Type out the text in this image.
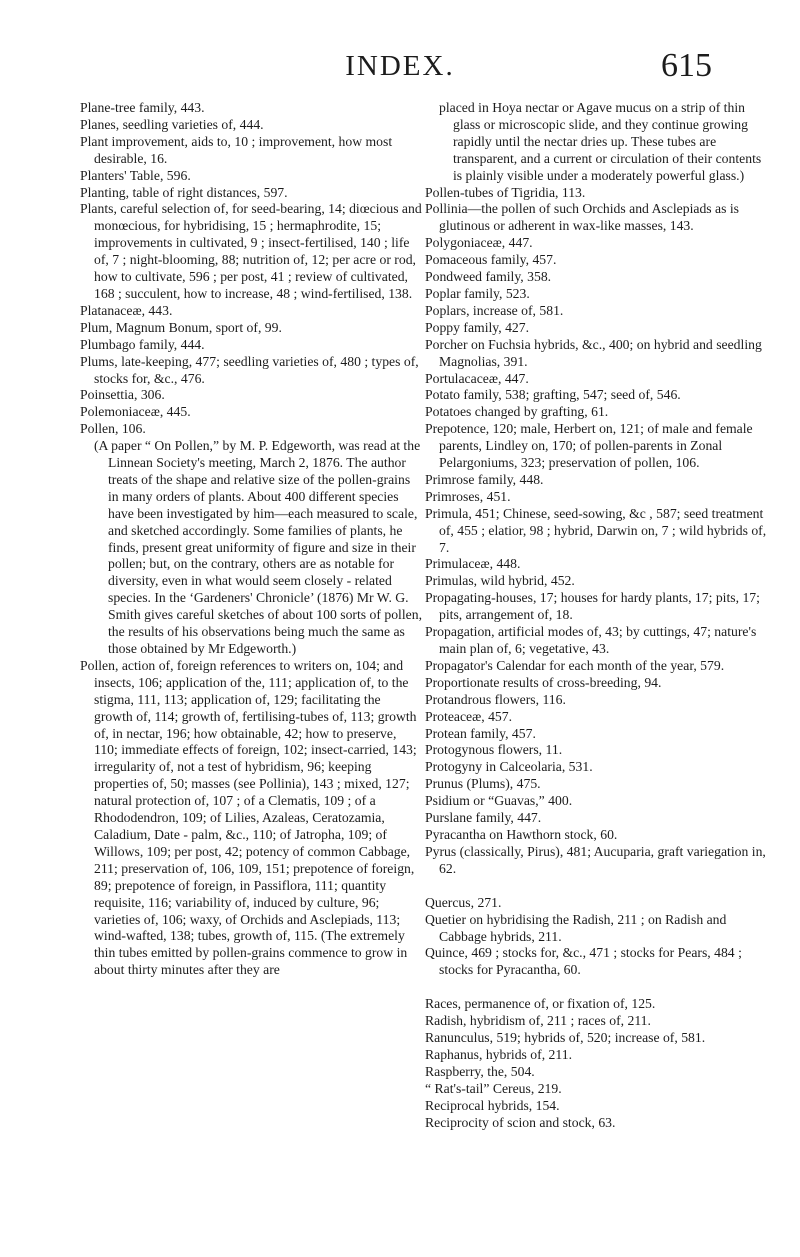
INDEX.	615

Plane-tree family, 443.

Planes, seedling varieties of, 444.

Plant improvement, aids to, 10 ; improvement, how most desirable, 16.

Planters' Table, 596.

Planting, table of right distances, 597.

Plants, careful selection of, for seed-bearing, 14; diœcious and monœcious, for hybridising, 15 ; hermaphrodite, 15; improvements in cultivated, 9 ; insect-fertilised, 140 ; life of, 7 ; night-blooming, 88; nutrition of, 12; per acre or rod, how to cultivate, 596 ; per post, 41 ; review of cultivated, 168 ; succulent, how to increase, 48 ; wind-fertilised, 138.

Platanaceæ, 443.

Plum, Magnum Bonum, sport of, 99.

Plumbago family, 444.

Plums, late-keeping, 477; seedling varieties of, 480 ; types of, stocks for, &c., 476.

Poinsettia, 306.

Polemoniaceæ, 445.

Pollen, 106.

(A paper “ On Pollen,” by M. P. Edgeworth, was read at the Linnean Society's meeting, March 2, 1876. The author treats of the shape and relative size of the pollen-grains in many orders of plants. About 400 different species have been investigated by him—each measured to scale, and sketched accordingly. Some families of plants, he finds, present great uniformity of figure and size in their pollen; but, on the contrary, others are as notable for diversity, even in what would seem closely - related species. In the ‘Gardeners' Chronicle’ (1876) Mr W. G. Smith gives careful sketches of about 100 sorts of pollen, the results of his observations being much the same as those obtained by Mr Edgeworth.)

Pollen, action of, foreign references to writers on, 104; and insects, 106; application of the, 111; application of, to the stigma, 111, 113; application of, 129; facilitating the growth of, 114; growth of, fertilising-tubes of, 113; growth of, in nectar, 196; how obtainable, 42; how to preserve, 110; immediate effects of foreign, 102; insect-carried, 143; irregularity of, not a test of hybridism, 96; keeping properties of, 50; masses (see Pollinia), 143 ; mixed, 127; natural protection of, 107 ; of a Clematis, 109 ; of a Rhododendron, 109; of Lilies, Azaleas, Ceratozamia, Caladium, Date - palm, &c., 110; of Jatropha, 109; of Willows, 109; per post, 42; potency of common Cabbage, 211; preservation of, 106, 109, 151; prepotence of foreign, 89; prepotence of foreign, in Passiflora, 111; quantity requisite, 116; variability of, induced by culture, 96; varieties of, 106; waxy, of Orchids and Asclepiads, 113; wind-wafted, 138; tubes, growth of, 115. (The extremely thin tubes emitted by pollen-grains commence to grow in about thirty minutes after they are

placed in Hoya nectar or Agave mucus on a strip of thin glass or microscopic slide, and they continue growing rapidly until the nectar dries up. These tubes are transparent, and a current or circulation of their contents is plainly visible under a moderately powerful glass.)

Pollen-tubes of Tigridia, 113.

Pollinia—the pollen of such Orchids and Asclepiads as is glutinous or adherent in wax-like masses, 143.

Polygoniaceæ, 447.

Pomaceous family, 457.

Pondweed family, 358.

Poplar family, 523.

Poplars, increase of, 581.

Poppy family, 427.

Porcher on Fuchsia hybrids, &c., 400; on hybrid and seedling Magnolias, 391.

Portulacaceæ, 447.

Potato family, 538; grafting, 547; seed of, 546.

Potatoes changed by grafting, 61.

Prepotence, 120; male, Herbert on, 121; of male and female parents, Lindley on, 170; of pollen-parents in Zonal Pelargoniums, 323; preservation of pollen, 106.

Primrose family, 448.

Primroses, 451.

Primula, 451; Chinese, seed-sowing, &c , 587; seed treatment of, 455 ; elatior, 98 ; hybrid, Darwin on, 7 ; wild hybrids of, 7.

Primulaceæ, 448.

Primulas, wild hybrid, 452.

Propagating-houses, 17; houses for hardy plants, 17; pits, 17; pits, arrangement of, 18.

Propagation, artificial modes of, 43; by cuttings, 47; nature's main plan of, 6; vegetative, 43.

Propagator's Calendar for each month of the year, 579.

Proportionate results of cross-breeding, 94.

Protandrous flowers, 116.

Proteaceæ, 457.

Protean family, 457.

Protogynous flowers, 11.

Protogyny in Calceolaria, 531.

Prunus (Plums), 475.

Psidium or “Guavas,” 400.

Purslane family, 447.

Pyracantha on Hawthorn stock, 60.

Pyrus (classically, Pirus), 481; Aucuparia, graft variegation in, 62.

Quercus, 271.

Quetier on hybridising the Radish, 211 ; on Radish and Cabbage hybrids, 211.

Quince, 469 ; stocks for, &c., 471 ; stocks for Pears, 484 ; stocks for Pyracantha, 60.

Races, permanence of, or fixation of, 125.

Radish, hybridism of, 211 ; races of, 211.

Ranunculus, 519; hybrids of, 520; increase of, 581.

Raphanus, hybrids of, 211.

Raspberry, the, 504.

“ Rat's-tail” Cereus, 219.

Reciprocal hybrids, 154.

Reciprocity of scion and stock, 63.
